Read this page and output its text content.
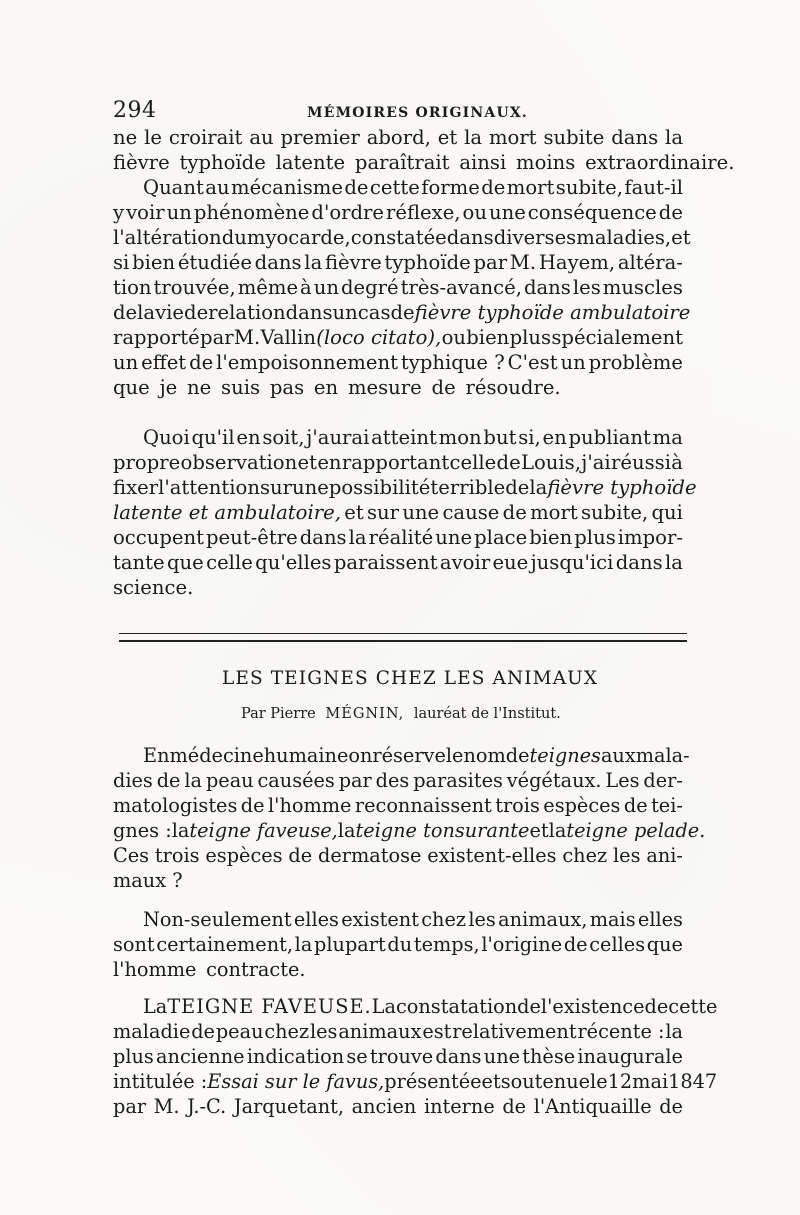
294	MÉMOIRES ORIGINAUX.
ne le croirait au premier abord, et la mort subite dans la
fièvre typhoïde latente paraîtrait ainsi moins extraordinaire.
Quant au mécanisme de cette forme de mort subite, faut-il
y voir un phénomène d'ordre réflexe, ou une conséquence de
l'altération du myocarde, constatée dans diverses maladies, et
si bien étudiée dans la fièvre typhoïde par M. Hayem, altéra-
tion trouvée, même à un degré très-avancé, dans les muscles
de la vie de relation dans un cas de fièvre typhoïde ambulatoire
rapporté par M. Vallin (loco citato), ou bien plus spécialement
un effet de l'empoisonnement typhique ? C'est un problème
que je ne suis pas en mesure de résoudre.
Quoi qu'il en soit, j'aurai atteint mon but si, en publiant ma
propre observation et en rapportant celle de Louis, j'ai réussi à
fixer l'attention sur une possibilité terrible de la fièvre typhoïde
latente et ambulatoire, et sur une cause de mort subite, qui
occupent peut-être dans la réalité une place bien plus impor-
tante que celle qu'elles paraissent avoir eue jusqu'ici dans la
science.
LES TEIGNES CHEZ LES ANIMAUX
Par Pierre MÉGNIN, lauréat de l'Institut.
En médecine humaine on réserve le nom de teignes aux mala-
dies de la peau causées par des parasites végétaux. Les der-
matologistes de l'homme reconnaissent trois espèces de tei-
gnes : la teigne faveuse, la teigne tonsurante et la teigne pelade.
Ces trois espèces de dermatose existent-elles chez les ani-
maux ?
Non-seulement elles existent chez les animaux, mais elles
sont certainement, la plupart du temps, l'origine de celles que
l'homme contracte.
La TEIGNE FAVEUSE. La constatation de l'existence de cette
maladie de peau chez les animaux est relativement récente : la
plus ancienne indication se trouve dans une thèse inaugurale
intitulée : Essai sur le favus, présentée et soutenue le 12 mai 1847
par M. J.-C. Jarquetant, ancien interne de l'Antiquaille de
